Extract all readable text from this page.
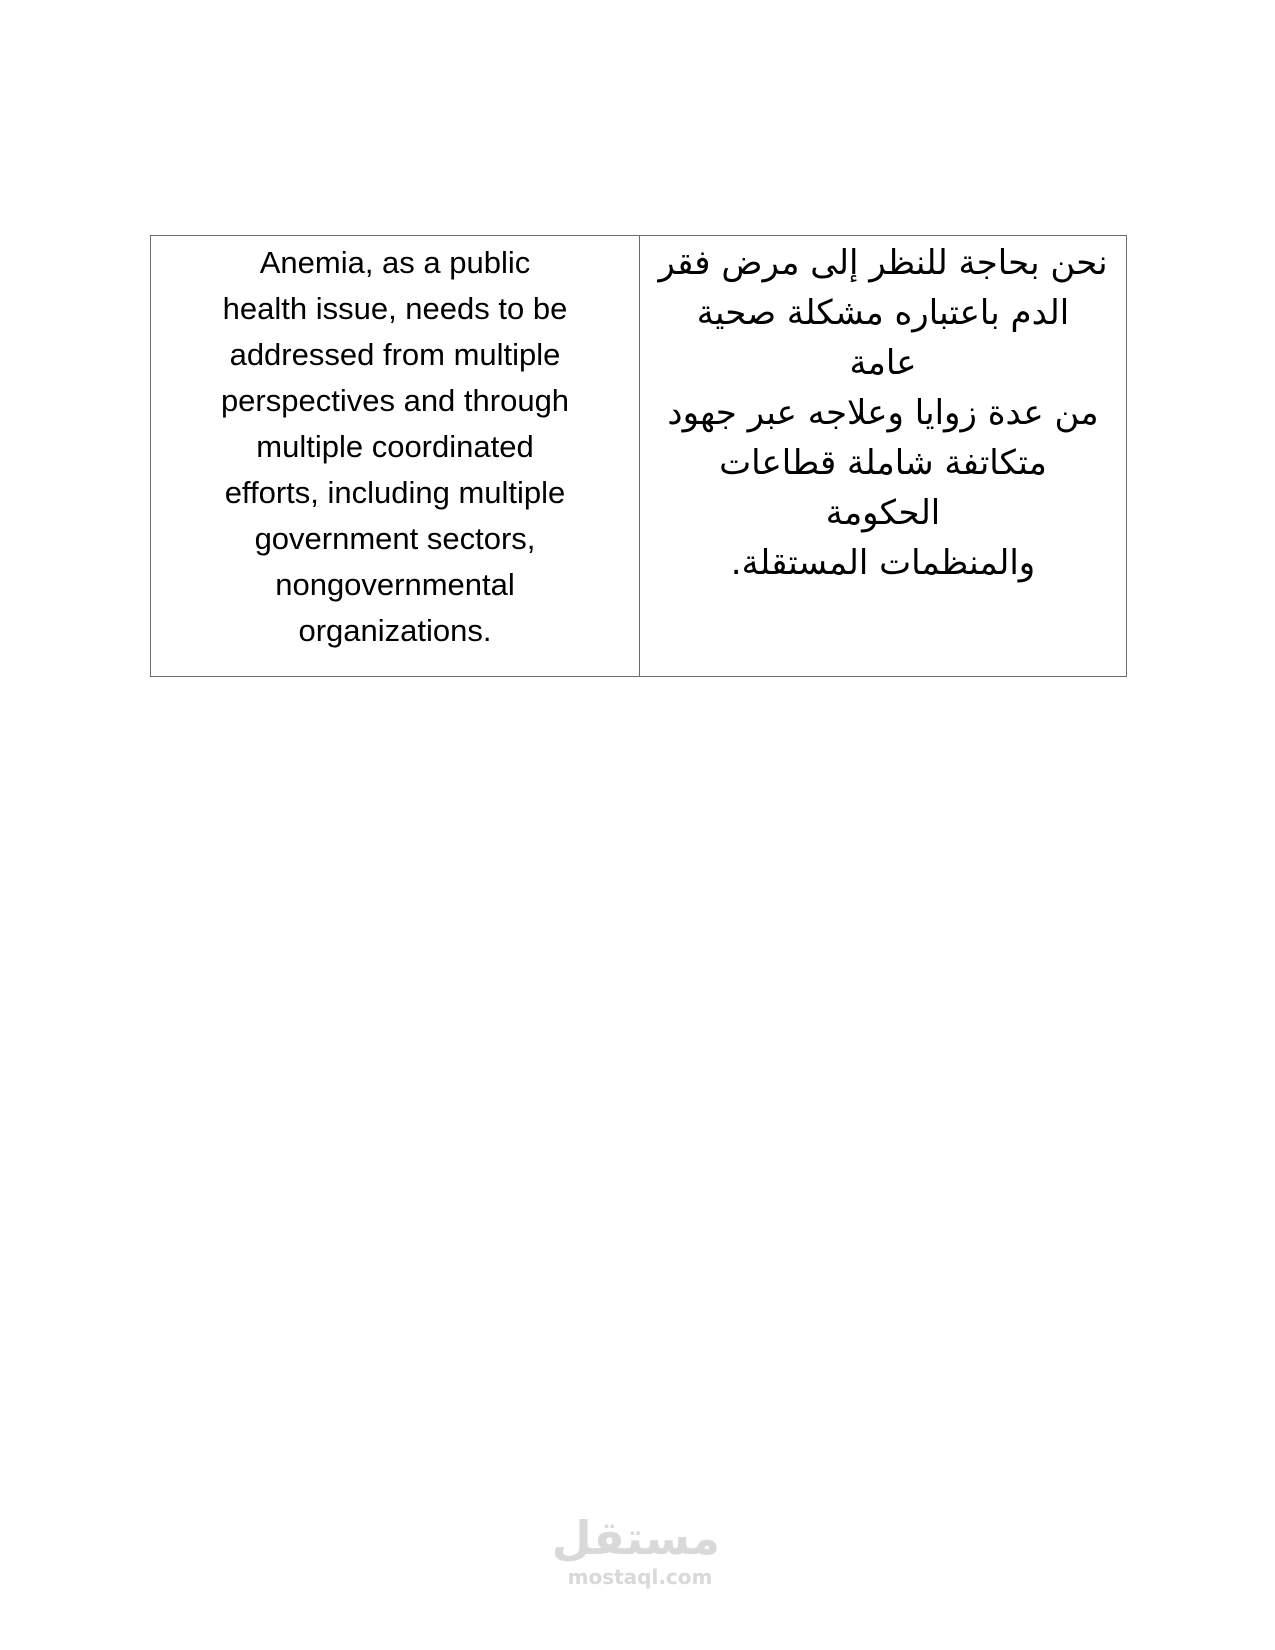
Anemia, as a public
health issue, needs to be
addressed from multiple
perspectives and through
multiple coordinated
efforts, including multiple
government sectors,
nongovernmental
organizations.
نحن بحاجة للنظر إلى مرض فقر
الدم باعتباره مشكلة صحية عامة
من عدة زوايا وعلاجه عبر جهود
متكاتفة شاملة قطاعات الحكومة
والمنظمات المستقلة.
مستقل
mostaql.com
